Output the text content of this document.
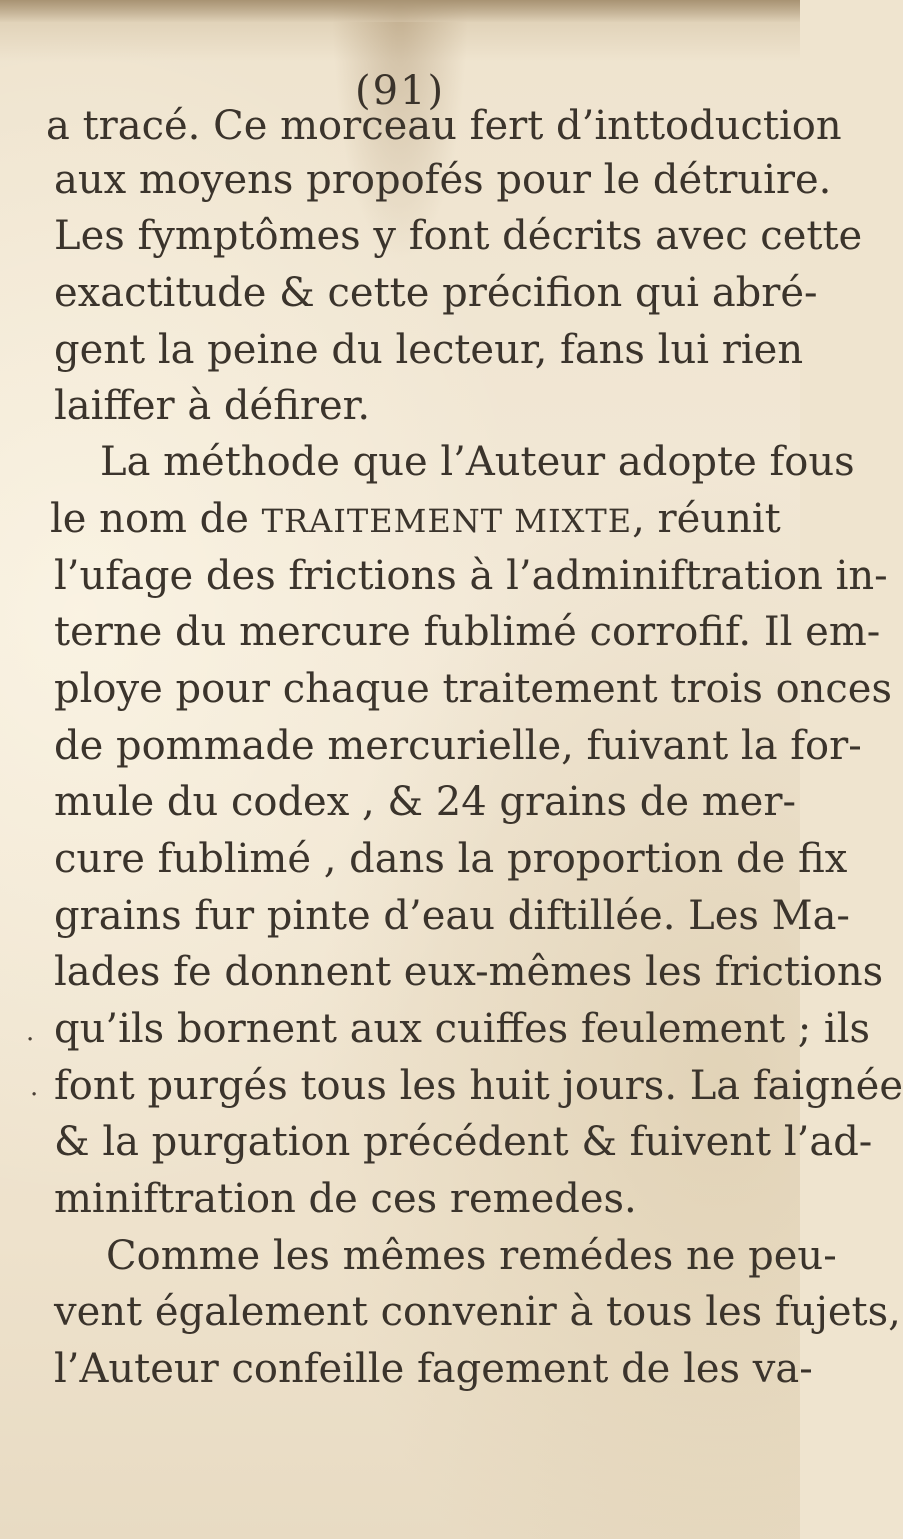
(91)
a tracé. Ce morceau fert d’inttoduction
aux moyens propofés pour le détruire.
Les fymptômes y font décrits avec cette
exactitude & cette précifion qui abré-
gent la peine du lecteur, fans lui rien
laiffer à défirer.
La méthode que l’Auteur adopte fous
le nom de TRAITEMENT MIXTE, réunit
l’ufage des frictions à l’adminiftration in-
terne du mercure fublimé corrofif. Il em-
ploye pour chaque traitement trois onces
de pommade mercurielle, fuivant la for-
mule du codex , & 24 grains de mer-
cure fublimé , dans la proportion de fix
grains fur pinte d’eau diftillée. Les Ma-
lades fe donnent eux-mêmes les frictions
qu’ils bornent aux cuiffes feulement ; ils
font purgés tous les huit jours. La faignée
& la purgation précédent & fuivent l’ad-
miniftration de ces remedes.
Comme les mêmes remédes ne peu-
vent également convenir à tous les fujets,
l’Auteur confeille fagement de les va-
·
·
